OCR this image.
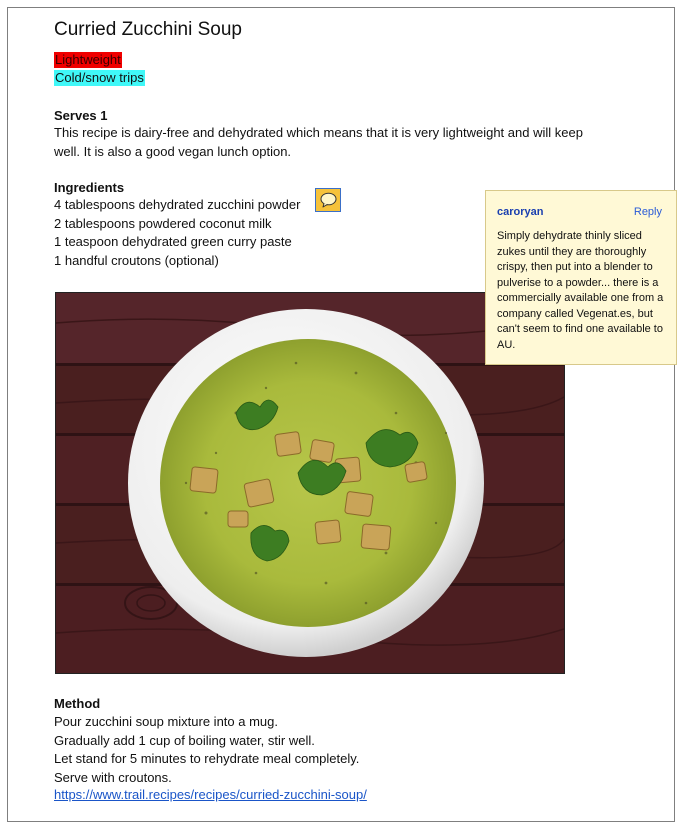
Curried Zucchini Soup
Lightweight
Cold/snow trips
Serves 1

This recipe is dairy-free and dehydrated which means that it is very lightweight and will keep
well. It is also a good vegan lunch option.

Ingredients
4 tablespoons dehydrated zucchini powder
2 tablespoons powdered coconut milk
1 teaspoon dehydrated green curry paste
1 handful croutons (optional)
caroryan	Reply

Simply dehydrate thinly sliced zukes until they are thoroughly crispy, then put into a blender to pulverise to a powder... there is a commercially available one from a company called Vegenat.es, but can't seem to find one available to AU.

Method
Pour zucchini soup mixture into a mug.
Gradually add 1 cup of boiling water, stir well.
Let stand for 5 minutes to rehydrate meal completely.
Serve with croutons.
https://www.trail.recipes/recipes/curried-zucchini-soup/
